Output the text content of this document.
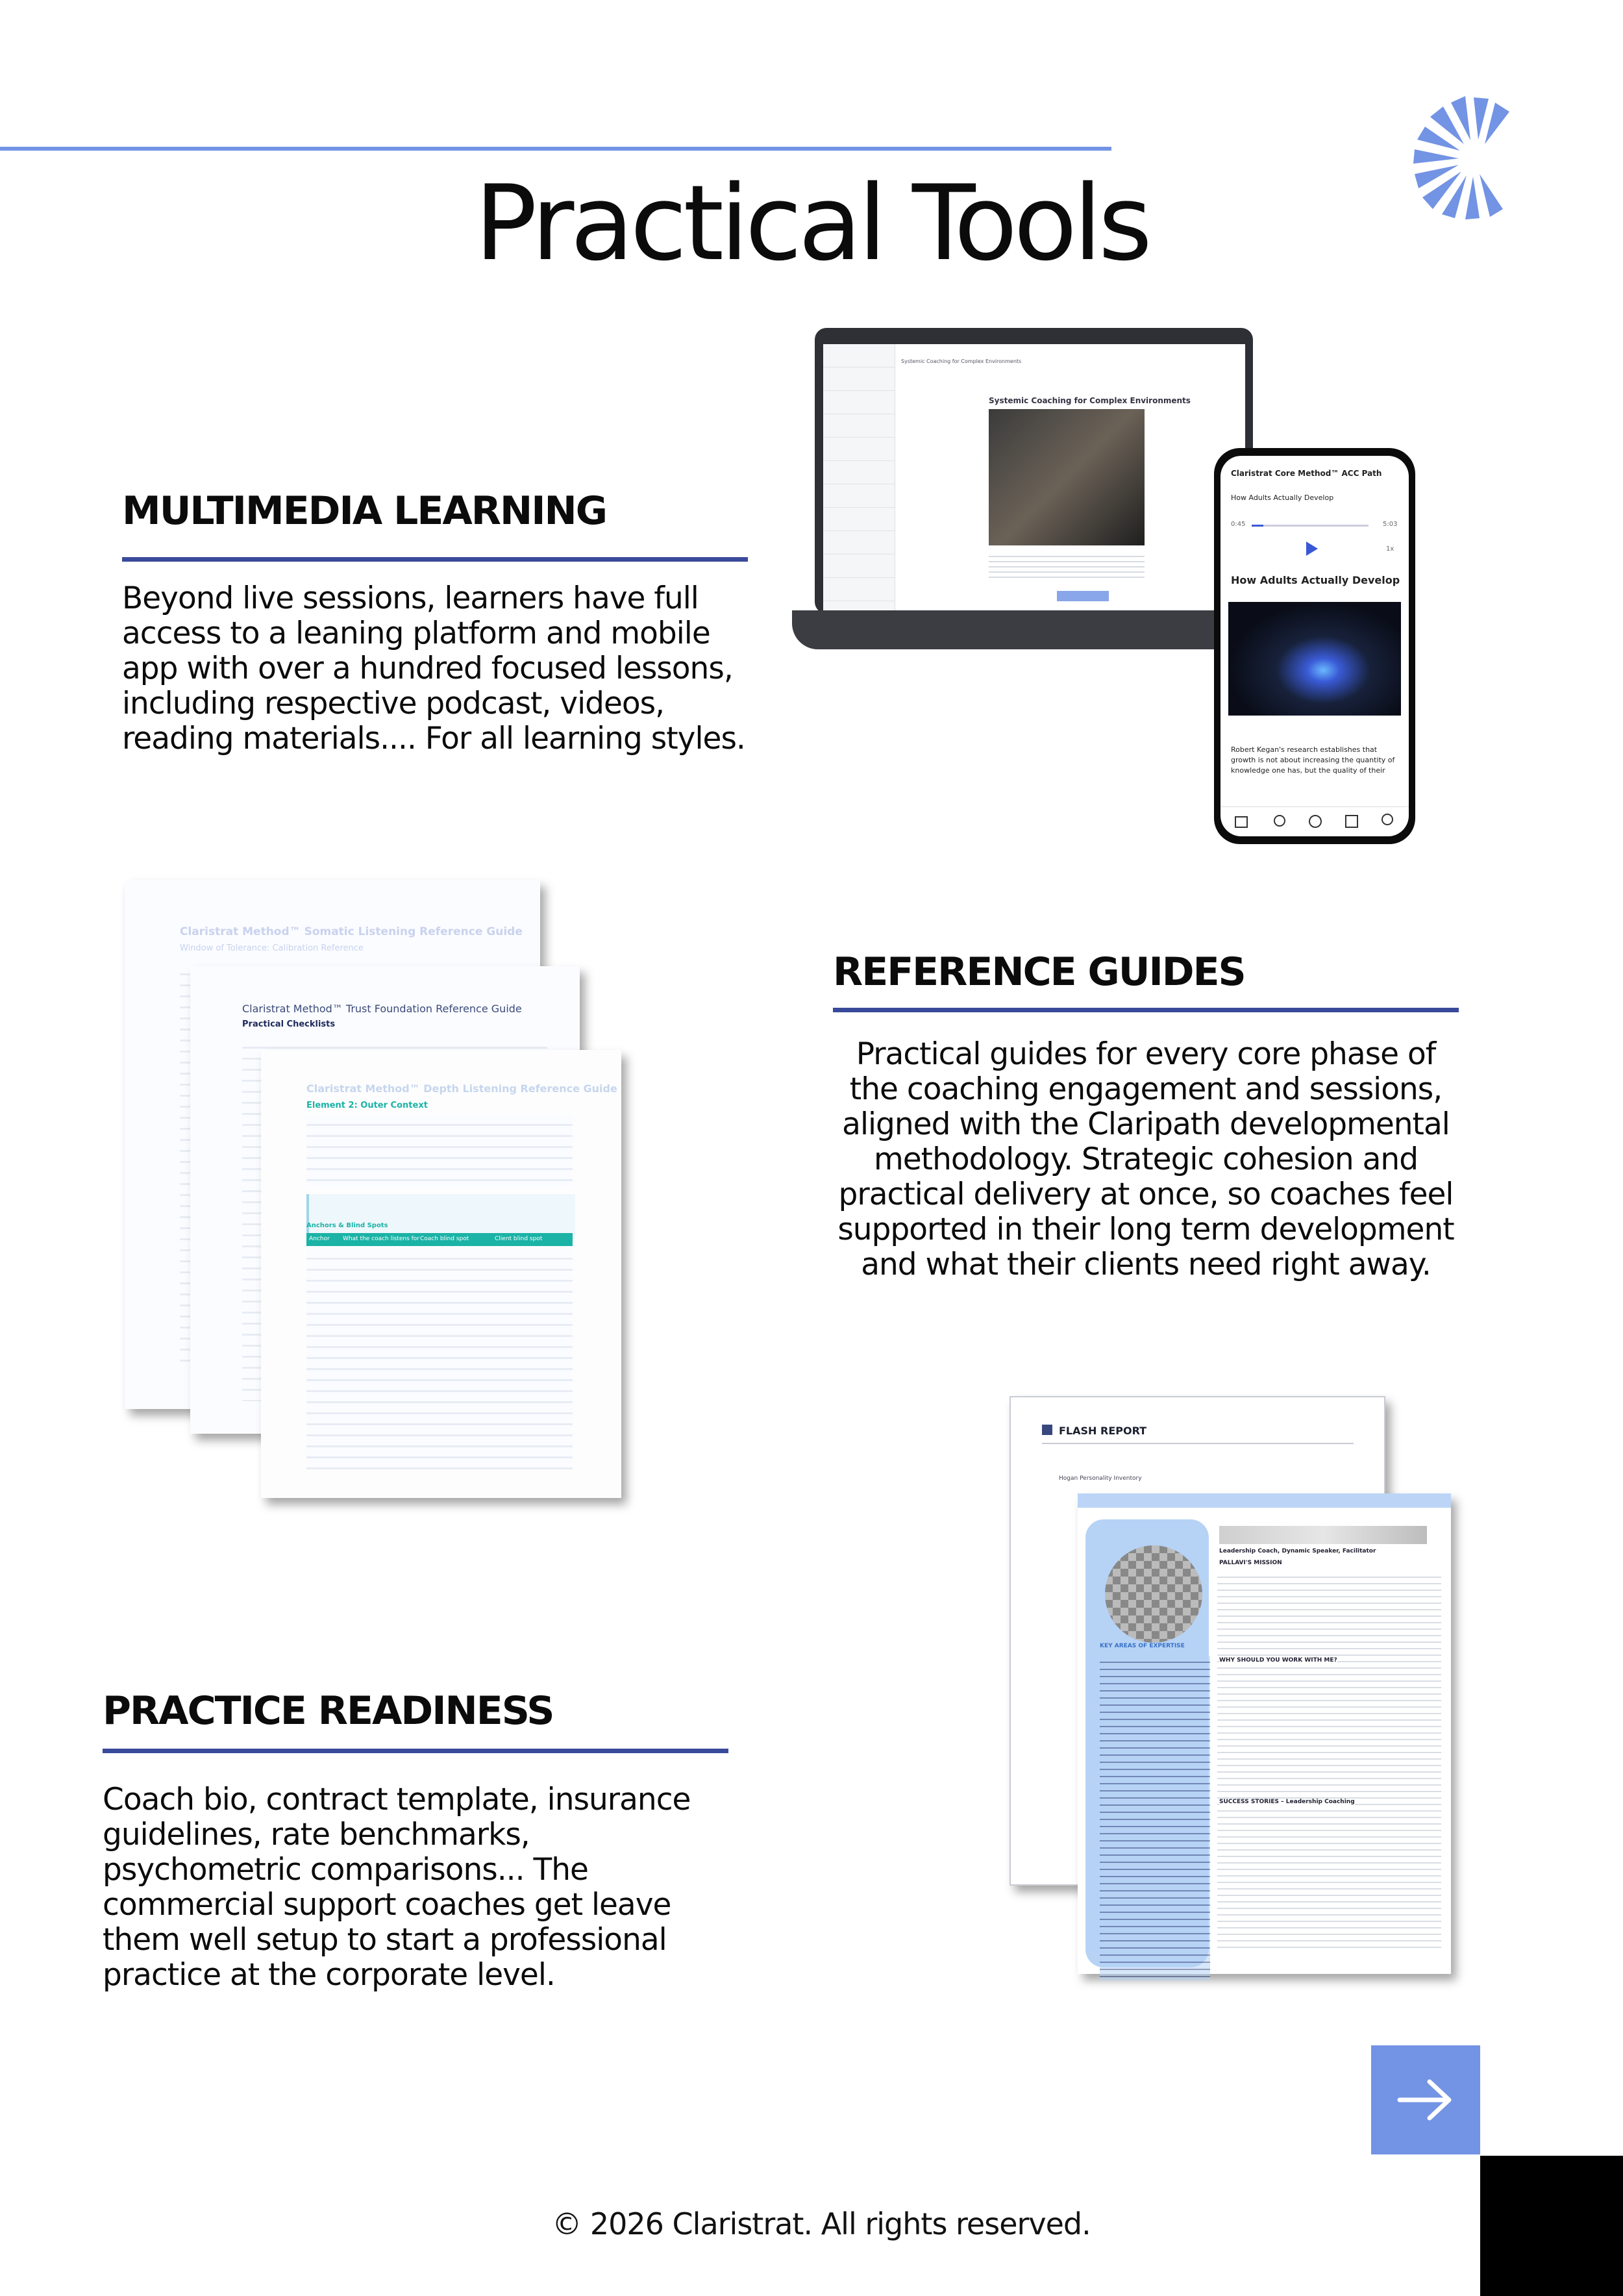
Practical Tools
MULTIMEDIA LEARNING
Beyond live sessions, learners have full access to a leaning platform and mobile app with over a hundred focused lessons, including respective podcast, videos, reading materials.... For all learning styles.
Systemic Coaching for Complex Environments
Systemic Coaching for Complex Environments
Claristrat Core Method™ ACC Path
How Adults Actually Develop
0:45	5:03
1x
How Adults Actually Develop
Robert Kegan's research establishes that growth is not about increasing the quantity of knowledge one has, but the quality of their
Claristrat Method™ Somatic Listening Reference Guide
Window of Tolerance: Calibration Reference
Claristrat Method™ Trust Foundation Reference Guide
Practical Checklists
Claristrat Method™ Depth Listening Reference Guide
Element 2: Outer Context
Anchors & Blind Spots
Anchor What the coach listens for Coach blind spot	Client blind spot
REFERENCE GUIDES
Practical guides for every core phase of the coaching engagement and sessions, aligned with the Claripath developmental methodology. Strategic cohesion and practical delivery at once, so coaches feel supported in their long term development and what their clients need right away.
FLASH REPORT
Hogan Personality Inventory
KEY AREAS OF EXPERTISE
Leadership Coach, Dynamic Speaker, Facilitator
PALLAVI'S MISSION
WHY SHOULD YOU WORK WITH ME?
SUCCESS STORIES – Leadership Coaching
PRACTICE READINESS
Coach bio, contract template, insurance guidelines, rate benchmarks, psychometric comparisons... The commercial support coaches get leave them well setup to start a professional practice at the corporate level.
© 2026 Claristrat. All rights reserved.
